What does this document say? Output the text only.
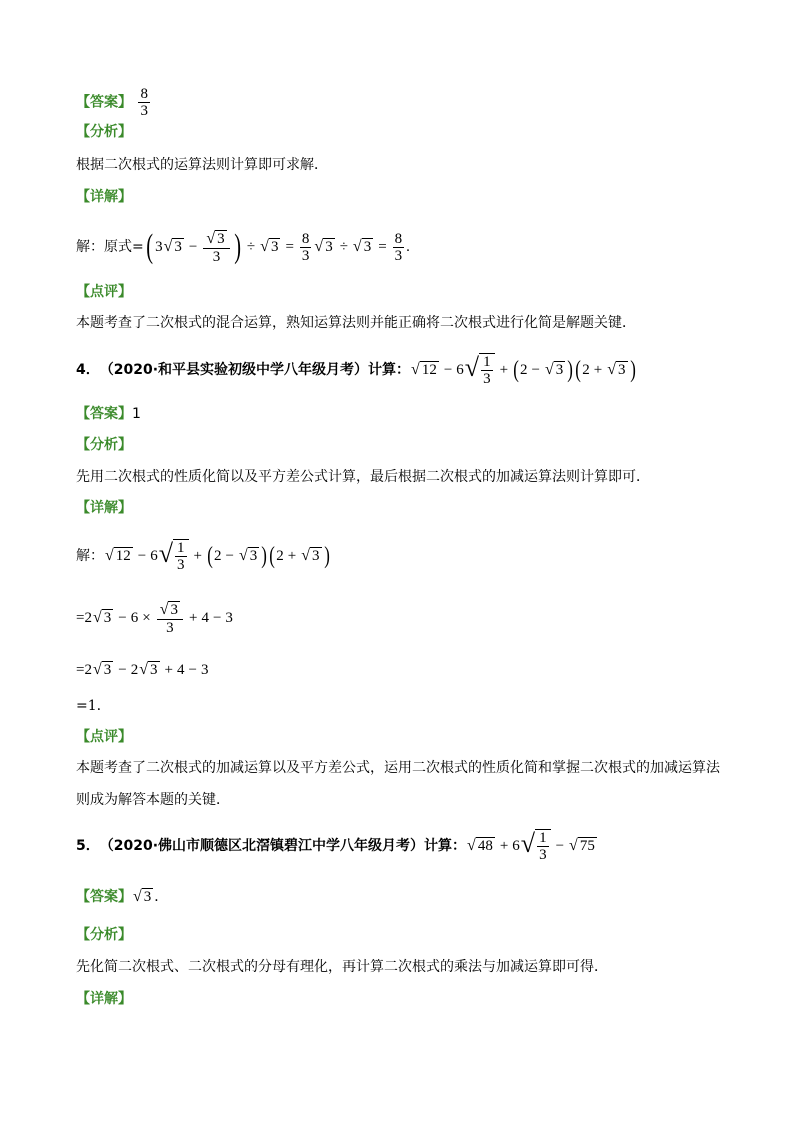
【答案】 $\frac{8}{3}$
【分析】
根据二次根式的运算法则计算即可求解．
【详解】
解：原式= ( 3 √ $3 - \frac{√ 3}{3}$ ) ÷ √ $3 = \frac{8}{3}$ √ 3 ÷ √ $3 = \frac{8}{3}$ .
【点评】
本题考查了二次根式的混合运算，熟知运算法则并能正确将二次根式进行化简是解题关键．
4． （2020·和平县实验初级中学八年级月考）计算： √ 12 − 6 √ $\frac{1}{3}$ + ( 2 − √ 3 ) ( 2 + √ 3 )
【答案】1
【分析】
先用二次根式的性质化简以及平方差公式计算，最后根据二次根式的加减运算法则计算即可．
【详解】
解： √ 12 − 6 √ $\frac{1}{3}$ + ( 2 − √ 3 ) ( 2 + √ 3 )
=2 √ $3 - 6 \times \frac{√ 3}{3} + 4 - 3$
=2 √ 3 − 2 √ 3 + 4 − 3
=1.
【点评】
本题考查了二次根式的加减运算以及平方差公式，运用二次根式的性质化简和掌握二次根式的加减运算法
则成为解答本题的关键．
5． （2020·佛山市顺德区北滘镇碧江中学八年级月考）计算： √ 48 + 6 √ $\frac{1}{3}$ − √ 75
【答案】 √ 3 ．
【分析】
先化简二次根式、二次根式的分母有理化，再计算二次根式的乘法与加减运算即可得．
【详解】
